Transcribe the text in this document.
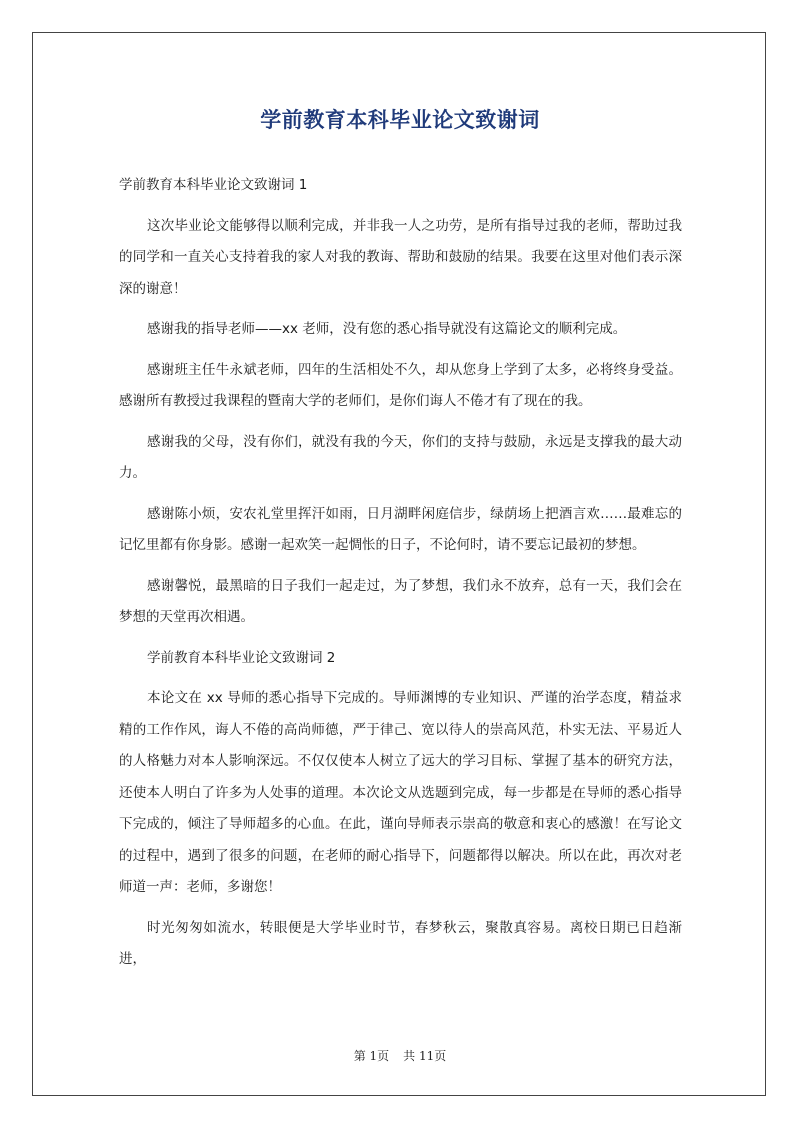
学前教育本科毕业论文致谢词

学前教育本科毕业论文致谢词 1

这次毕业论文能够得以顺利完成，并非我一人之功劳，是所有指导过我的老师，帮助过我的同学和一直关心支持着我的家人对我的教诲、帮助和鼓励的结果。我要在这里对他们表示深深的谢意！

感谢我的指导老师——xx 老师，没有您的悉心指导就没有这篇论文的顺利完成。

感谢班主任牛永斌老师，四年的生活相处不久，却从您身上学到了太多，必将终身受益。感谢所有教授过我课程的暨南大学的老师们，是你们诲人不倦才有了现在的我。

感谢我的父母，没有你们，就没有我的今天，你们的支持与鼓励，永远是支撑我的最大动力。

感谢陈小烦，安农礼堂里挥汗如雨，日月湖畔闲庭信步，绿荫场上把酒言欢……最难忘的记忆里都有你身影。感谢一起欢笑一起惆怅的日子，不论何时，请不要忘记最初的梦想。

感谢馨悦，最黑暗的日子我们一起走过，为了梦想，我们永不放弃，总有一天，我们会在梦想的天堂再次相遇。

学前教育本科毕业论文致谢词 2

本论文在 xx 导师的悉心指导下完成的。导师渊博的专业知识、严谨的治学态度，精益求精的工作作风，诲人不倦的高尚师德，严于律己、宽以待人的崇高风范，朴实无法、平易近人的人格魅力对本人影响深远。不仅仅使本人树立了远大的学习目标、掌握了基本的研究方法，还使本人明白了许多为人处事的道理。本次论文从选题到完成，每一步都是在导师的悉心指导下完成的，倾注了导师超多的心血。在此，谨向导师表示崇高的敬意和衷心的感激！在写论文的过程中，遇到了很多的问题，在老师的耐心指导下，问题都得以解决。所以在此，再次对老师道一声：老师，多谢您！

时光匆匆如流水，转眼便是大学毕业时节，春梦秋云，聚散真容易。离校日期已日趋渐进，

第 1页 共 11页
